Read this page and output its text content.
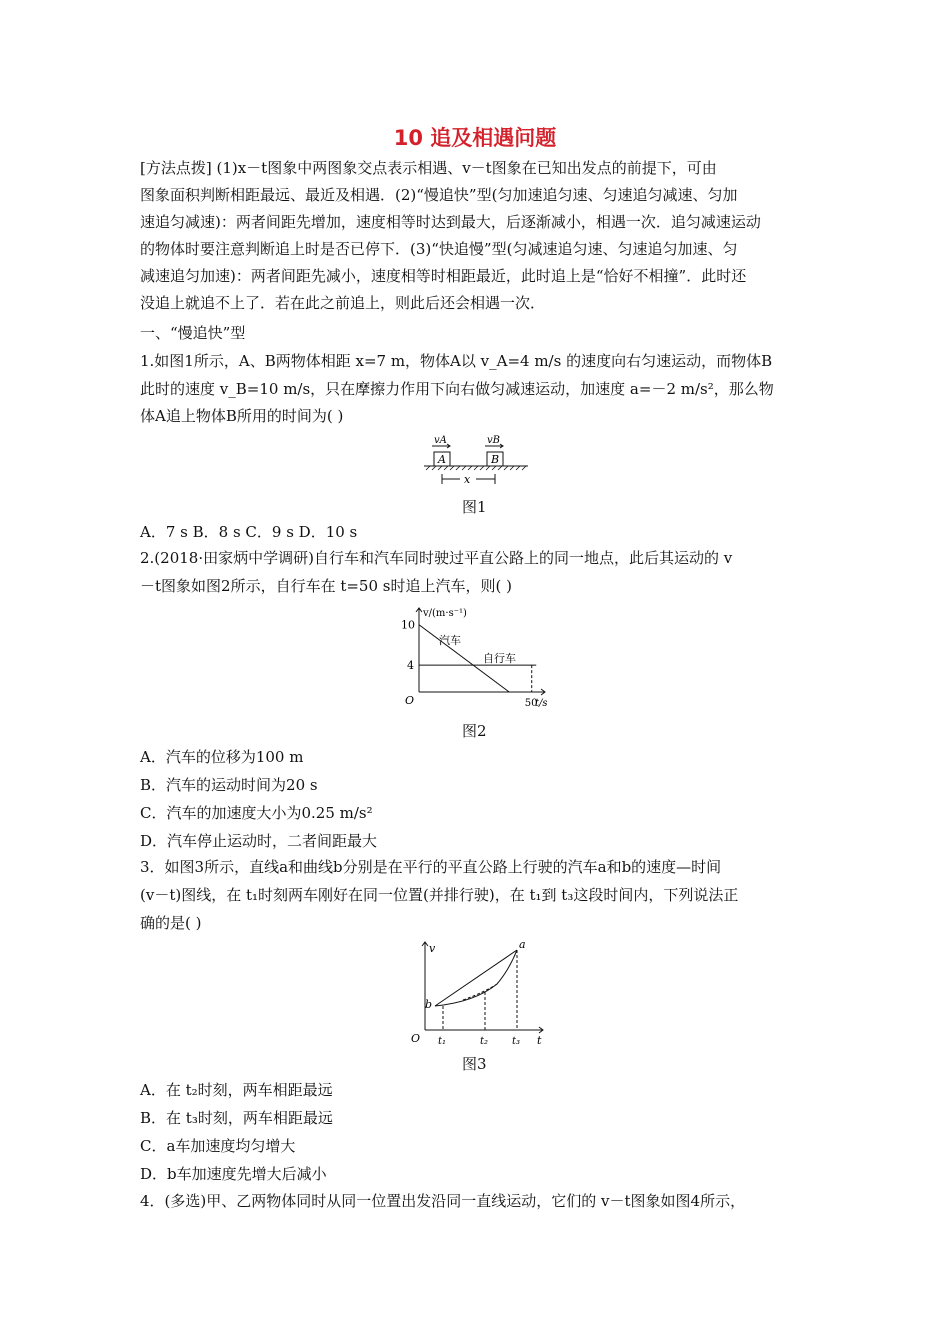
10 追及相遇问题
[方法点拨] (1)x－t图象中两图象交点表示相遇、v－t图象在已知出发点的前提下，可由
图象面积判断相距最远、最近及相遇．(2)“慢追快”型(匀加速追匀速、匀速追匀减速、匀加
速追匀减速)：两者间距先增加，速度相等时达到最大，后逐渐减小，相遇一次．追匀减速运动
的物体时要注意判断追上时是否已停下．(3)“快追慢”型(匀减速追匀速、匀速追匀加速、匀
减速追匀加速)：两者间距先减小，速度相等时相距最近，此时追上是“恰好不相撞”．此时还
没追上就追不上了．若在此之前追上，则此后还会相遇一次．
一、“慢追快”型
1.如图1所示，A、B两物体相距 x=7 m，物体A以 v_A=4 m/s 的速度向右匀速运动，而物体B
此时的速度 v_B=10 m/s，只在摩擦力作用下向右做匀减速运动，加速度 a=－2 m/s²，那么物
体A追上物体B所用的时间为( )
vA	vB
A	B
x
图1
A．7 s B．8 s C．9 s D．10 s
2.(2018·田家炳中学调研)自行车和汽车同时驶过平直公路上的同一地点，此后其运动的 v
－t图象如图2所示，自行车在 t=50 s时追上汽车，则( )
v/(m·s⁻¹)
t/s
O
10
4
50
汽车
自行车
图2
A．汽车的位移为100 m
B．汽车的运动时间为20 s
C．汽车的加速度大小为0.25 m/s²
D．汽车停止运动时，二者间距最大
3．如图3所示，直线a和曲线b分别是在平行的平直公路上行驶的汽车a和b的速度—时间
(v－t)图线，在 t₁时刻两车刚好在同一位置(并排行驶)，在 t₁到 t₃这段时间内，下列说法正
确的是( )
v
t
O
b
a
t₁	t₂ t₃
图3
A．在 t₂时刻，两车相距最远
B．在 t₃时刻，两车相距最远
C．a车加速度均匀增大
D．b车加速度先增大后减小
4．(多选)甲、乙两物体同时从同一位置出发沿同一直线运动，它们的 v－t图象如图4所示，
